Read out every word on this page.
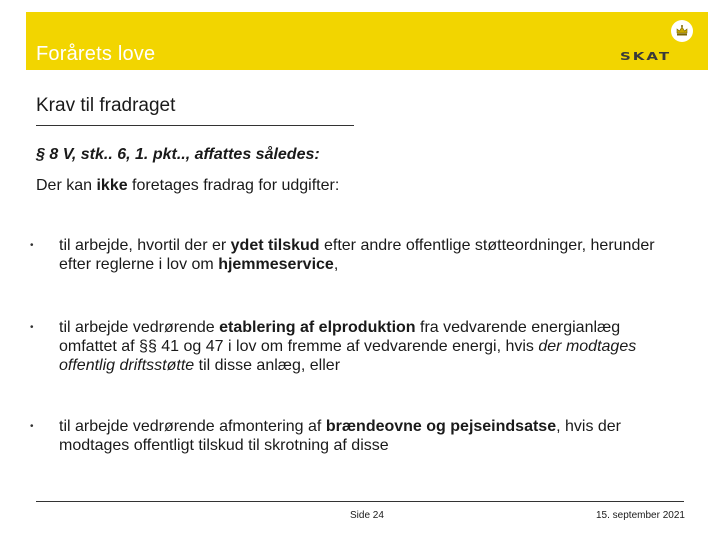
Forårets love	SKAT
Krav til fradraget
§ 8 V, stk.. 6, 1. pkt.., affattes således:
Der kan ikke foretages fradrag for udgifter:
• til arbejde, hvortil der er ydet tilskud efter andre offentlige støtteordninger, herunder efter reglerne i lov om hjemmeservice,
• til arbejde vedrørende etablering af elproduktion fra vedvarende energianlæg omfattet af §§ 41 og 47 i lov om fremme af vedvarende energi, hvis der modtages offentlig driftsstøtte til disse anlæg, eller
• til arbejde vedrørende afmontering af brændeovne og pejseindsatse, hvis der modtages offentligt tilskud til skrotning af disse
Side 24	15. september 2021
